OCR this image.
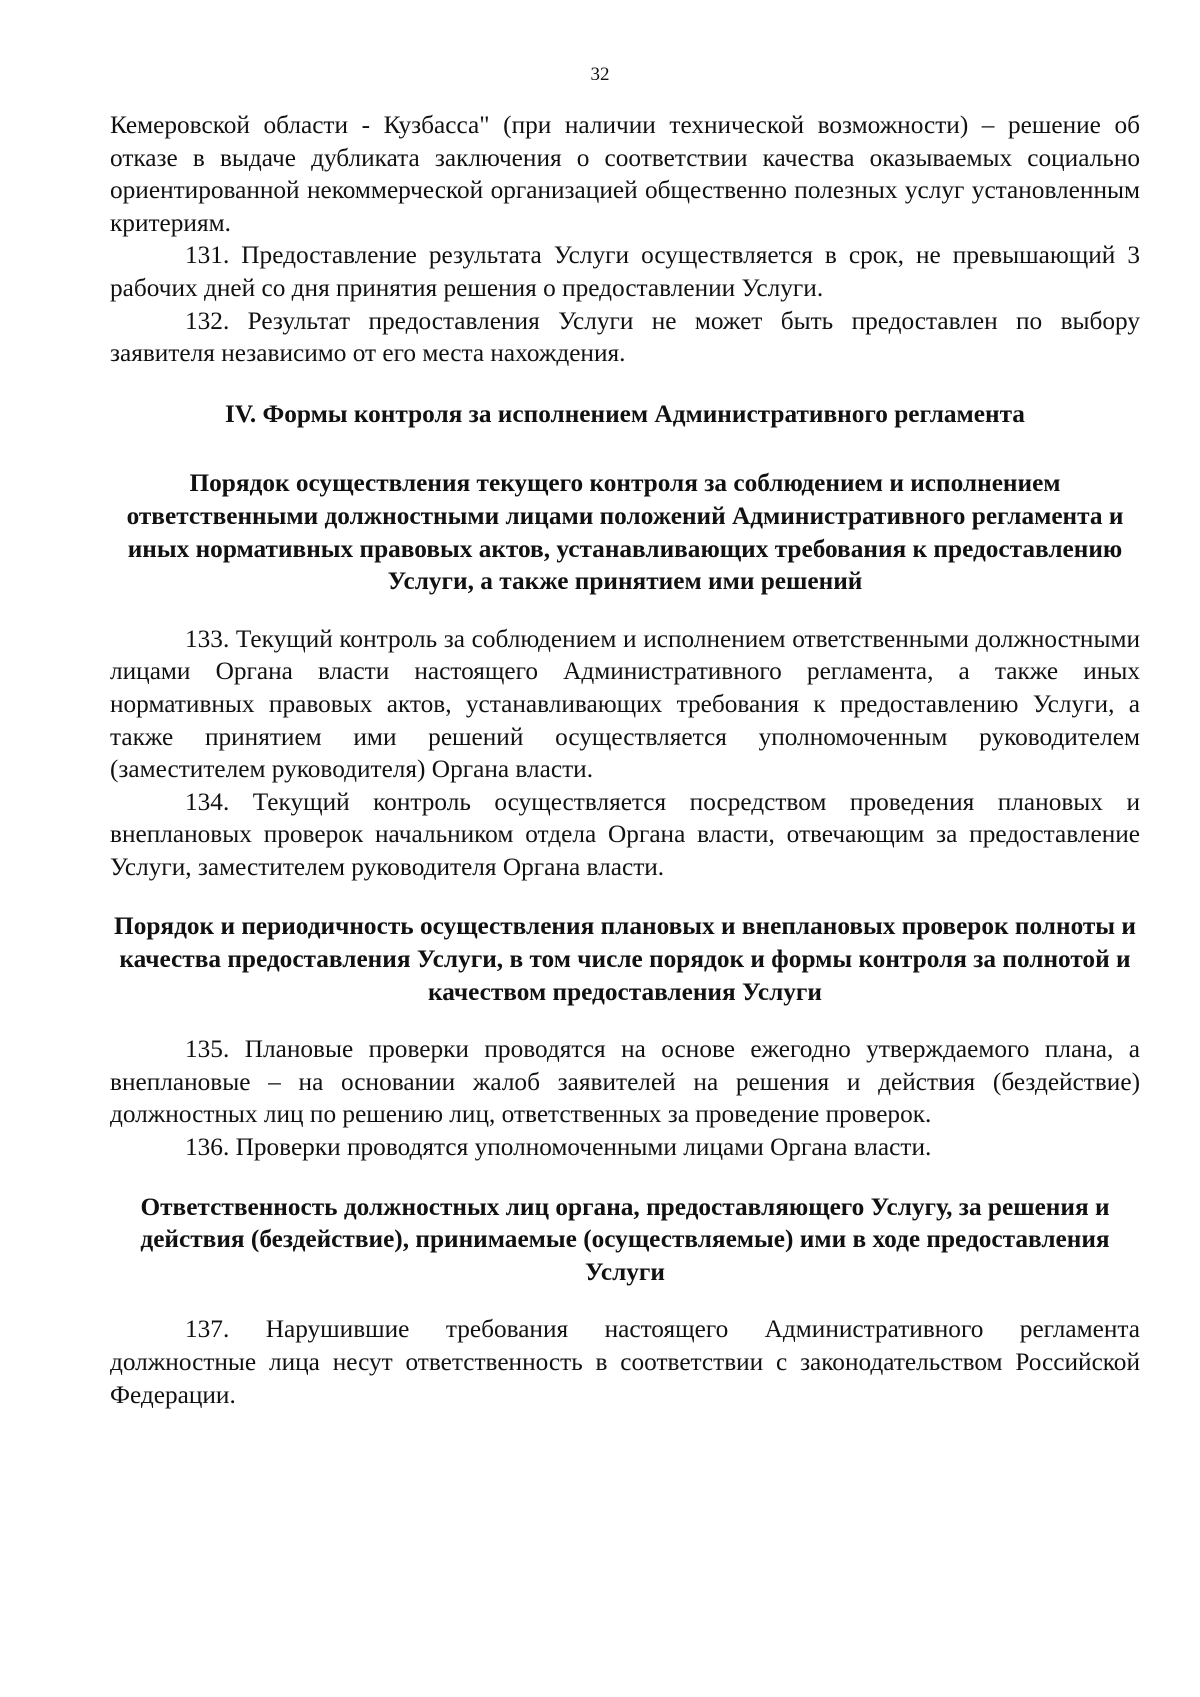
32

Кемеровской области - Кузбасса" (при наличии технической возможности) – решение об отказе в выдаче дубликата заключения о соответствии качества оказываемых социально ориентированной некоммерческой организацией общественно полезных услуг установленным критериям.

131. Предоставление результата Услуги осуществляется в срок, не превышающий 3 рабочих дней со дня принятия решения о предоставлении Услуги.

132. Результат предоставления Услуги не может быть предоставлен по выбору заявителя независимо от его места нахождения.

IV. Формы контроля за исполнением Административного регламента
Порядок осуществления текущего контроля за соблюдением и исполнением ответственными должностными лицами положений Административного регламента и иных нормативных правовых актов, устанавливающих требования к предоставлению Услуги, а также принятием ими решений

133. Текущий контроль за соблюдением и исполнением ответственными должностными лицами Органа власти настоящего Административного регламента, а также иных нормативных правовых актов, устанавливающих требования к предоставлению Услуги, а также принятием ими решений осуществляется уполномоченным руководителем (заместителем руководителя) Органа власти.

134. Текущий контроль осуществляется посредством проведения плановых и внеплановых проверок начальником отдела Органа власти, отвечающим за предоставление Услуги, заместителем руководителя Органа власти.

Порядок и периодичность осуществления плановых и внеплановых проверок полноты и качества предоставления Услуги, в том числе порядок и формы контроля за полнотой и качеством предоставления Услуги

135. Плановые проверки проводятся на основе ежегодно утверждаемого плана, а внеплановые – на основании жалоб заявителей на решения и действия (бездействие) должностных лиц по решению лиц, ответственных за проведение проверок.

136. Проверки проводятся уполномоченными лицами Органа власти.

Ответственность должностных лиц органа, предоставляющего Услугу, за решения и действия (бездействие), принимаемые (осуществляемые) ими в ходе предоставления Услуги

137. Нарушившие требования настоящего Административного регламента должностные лица несут ответственность в соответствии с законодательством Российской Федерации.
